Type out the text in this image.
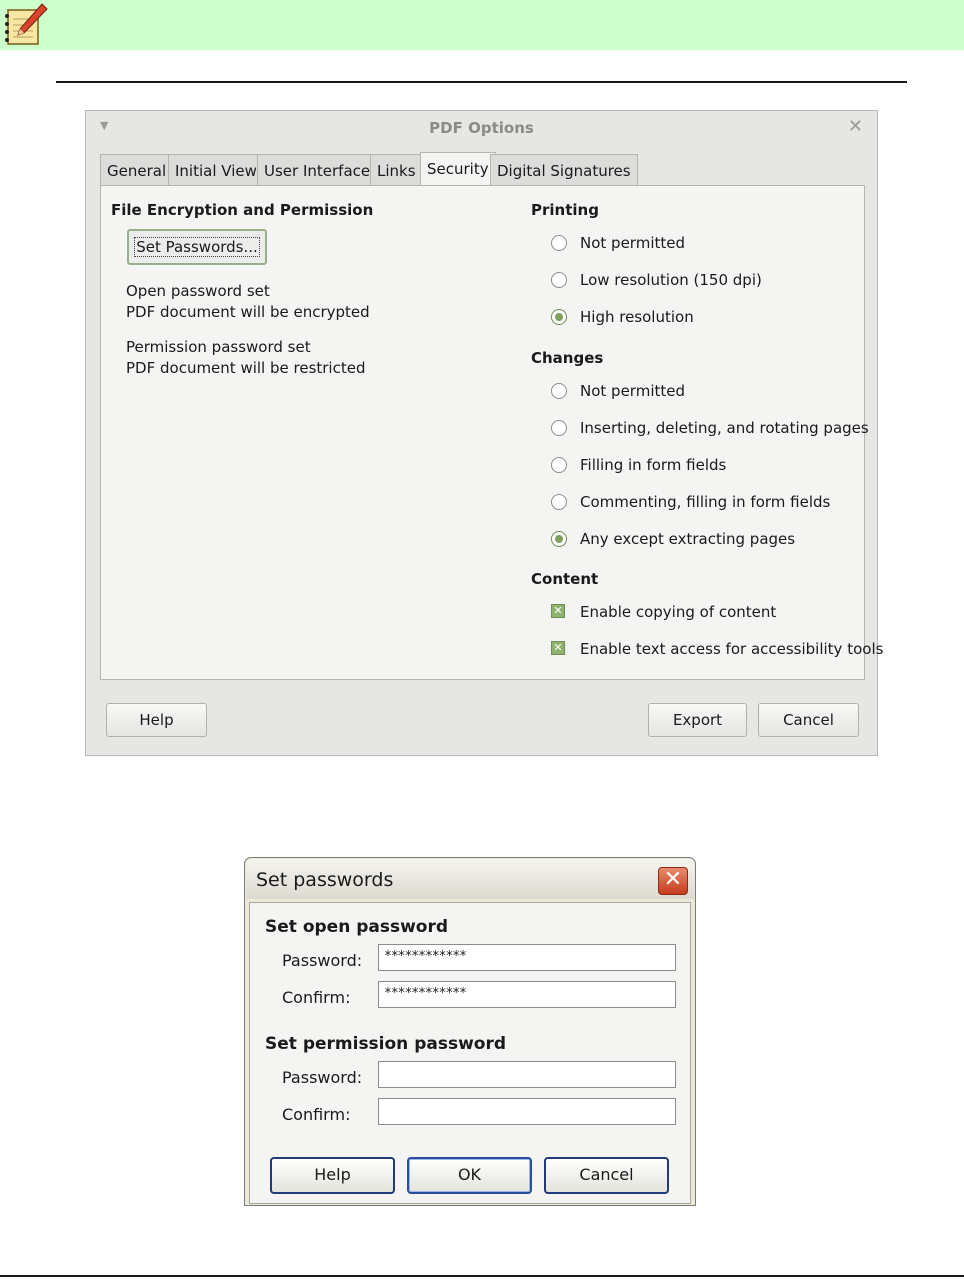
▼	PDF Options	✕
General Initial View User Interface Links Security Digital Signatures
File Encryption and Permission
Set Passwords...
Open password set
PDF document will be encrypted
Permission password set
PDF document will be restricted
Printing
Not permitted
Low resolution (150 dpi)
High resolution
Changes
Not permitted
Inserting, deleting, and rotating pages
Filling in form fields
Commenting, filling in form fields
Any except extracting pages
Content
✕ Enable copying of content
✕ Enable text access for accessibility tools
Help	Export	Cancel
Set passwords	✕
Set open password
Password:	************
Confirm:	************
Set permission password
Password:
Confirm:
Help	OK	Cancel
